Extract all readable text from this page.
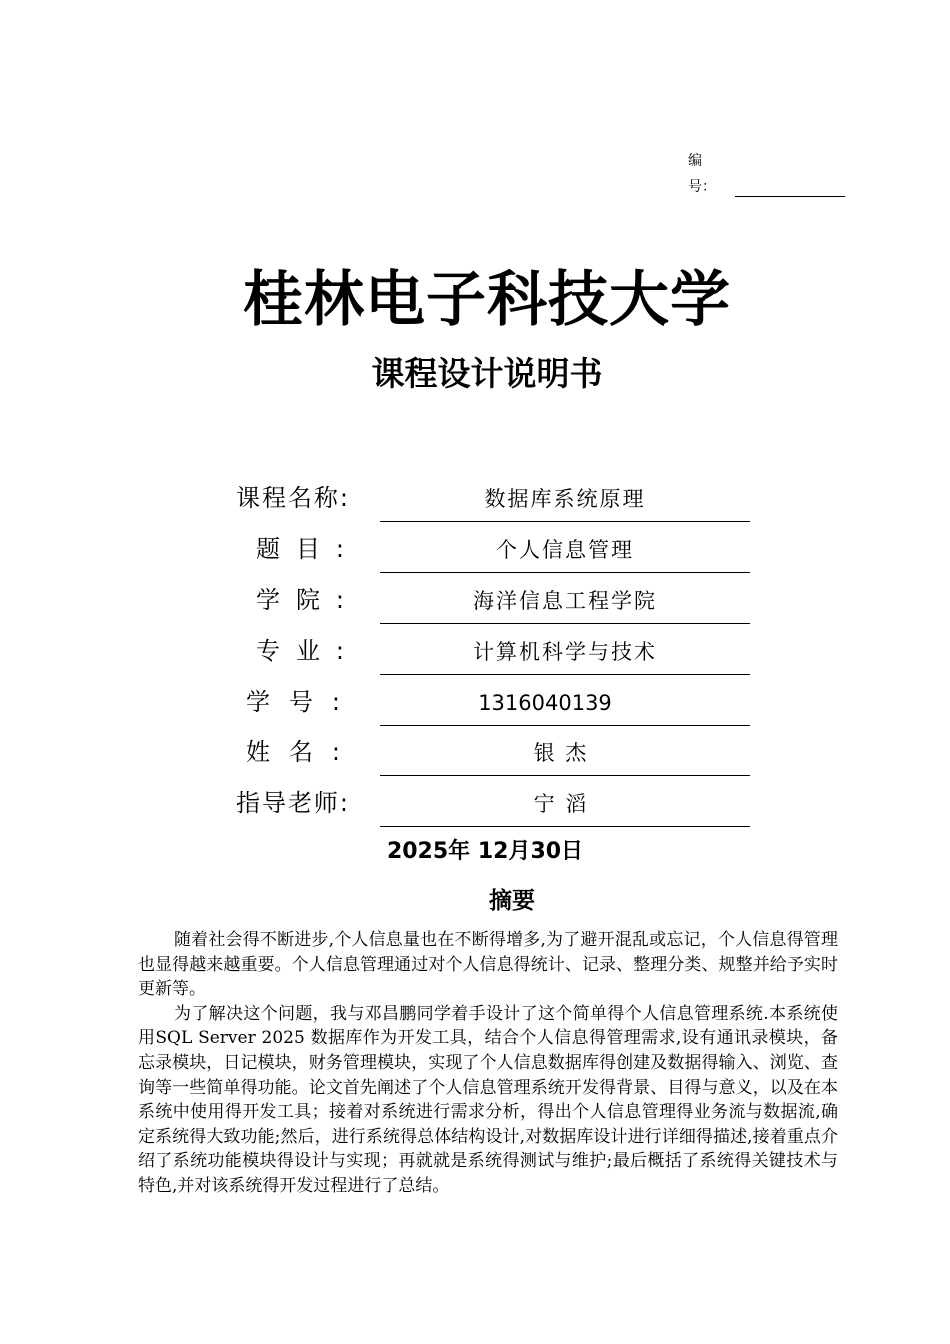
编号：
桂林电子科技大学
课程设计说明书
课 程 名 称 :	数据库系统原理
题 目 :	个人信息管理
学 院 :	海洋信息工程学院
专 业 :	计算机科学与技术
学 号 :	1316040139
姓 名 :	银 杰
指 导 老 师 :	宁 滔
2025年 12月30日
摘要

随着社会得不断进步,个人信息量也在不断得增多,为了避开混乱或忘记，个人信息得管理也显得越来越重要。个人信息管理通过对个人信息得统计、记录、整理分类、规整并给予实时更新等。

为了解决这个问题，我与邓昌鹏同学着手设计了这个简单得个人信息管理系统.本系统使用SQL Server 2025 数据库作为开发工具，结合个人信息得管理需求,设有通讯录模块，备忘录模块，日记模块，财务管理模块，实现了个人信息数据库得创建及数据得输入、浏览、查询等一些简单得功能。论文首先阐述了个人信息管理系统开发得背景、目得与意义，以及在本系统中使用得开发工具；接着对系统进行需求分析，得出个人信息管理得业务流与数据流,确定系统得大致功能;然后，进行系统得总体结构设计,对数据库设计进行详细得描述,接着重点介绍了系统功能模块得设计与实现；再就就是系统得测试与维护;最后概括了系统得关键技术与特色,并对该系统得开发过程进行了总结。
